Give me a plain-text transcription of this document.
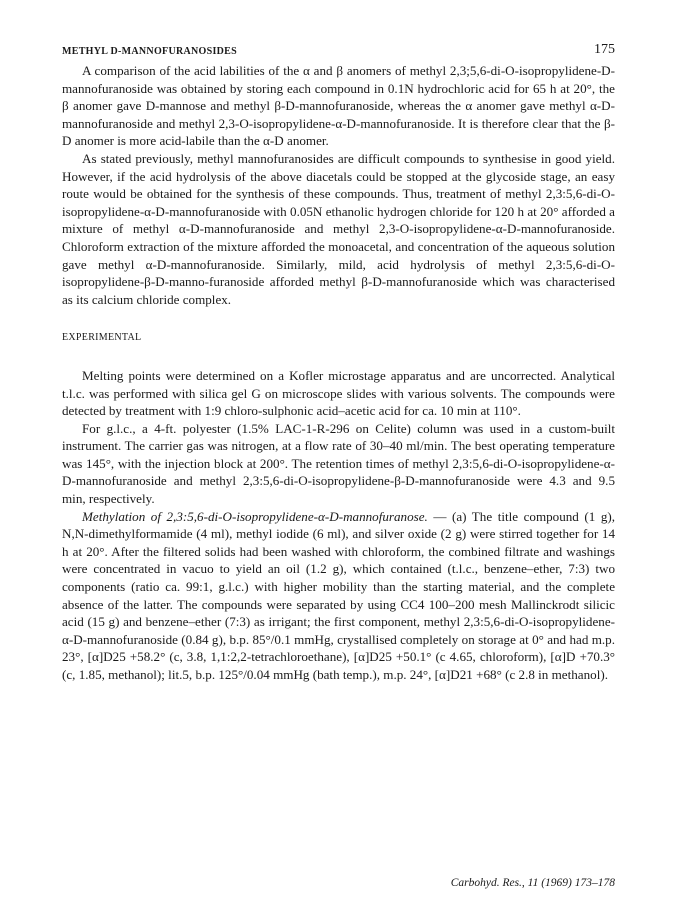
METHYL D-MANNOFURANOSIDES	175

A comparison of the acid labilities of the α and β anomers of methyl 2,3;5,6-di-O-isopropylidene-D-mannofuranoside was obtained by storing each compound in 0.1N hydrochloric acid for 65 h at 20°, the β anomer gave D-mannose and methyl β-D-mannofuranoside, whereas the α anomer gave methyl α-D-mannofuranoside and methyl 2,3-O-isopropylidene-α-D-mannofuranoside. It is therefore clear that the β-D anomer is more acid-labile than the α-D anomer.

As stated previously, methyl mannofuranosides are difficult compounds to synthesise in good yield. However, if the acid hydrolysis of the above diacetals could be stopped at the glycoside stage, an easy route would be obtained for the synthesis of these compounds. Thus, treatment of methyl 2,3:5,6-di-O-isopropylidene-α-D-mannofuranoside with 0.05N ethanolic hydrogen chloride for 120 h at 20° afforded a mixture of methyl α-D-mannofuranoside and methyl 2,3-O-isopropylidene-α-D-mannofuranoside. Chloroform extraction of the mixture afforded the monoacetal, and concentration of the aqueous solution gave methyl α-D-mannofuranoside. Similarly, mild, acid hydrolysis of methyl 2,3:5,6-di-O-isopropylidene-β-D-manno-furanoside afforded methyl β-D-mannofuranoside which was characterised as its calcium chloride complex.

EXPERIMENTAL

Melting points were determined on a Kofler microstage apparatus and are uncorrected. Analytical t.l.c. was performed with silica gel G on microscope slides with various solvents. The compounds were detected by treatment with 1:9 chloro-sulphonic acid–acetic acid for ca. 10 min at 110°.

For g.l.c., a 4-ft. polyester (1.5% LAC-1-R-296 on Celite) column was used in a custom-built instrument. The carrier gas was nitrogen, at a flow rate of 30–40 ml/min. The best operating temperature was 145°, with the injection block at 200°. The retention times of methyl 2,3:5,6-di-O-isopropylidene-α-D-mannofuranoside and methyl 2,3:5,6-di-O-isopropylidene-β-D-mannofuranoside were 4.3 and 9.5 min, respectively.

Methylation of 2,3:5,6-di-O-isopropylidene-α-D-mannofuranose. — (a) The title compound (1 g), N,N-dimethylformamide (4 ml), methyl iodide (6 ml), and silver oxide (2 g) were stirred together for 14 h at 20°. After the filtered solids had been washed with chloroform, the combined filtrate and washings were concentrated in vacuo to yield an oil (1.2 g), which contained (t.l.c., benzene–ether, 7:3) two components (ratio ca. 99:1, g.l.c.) with higher mobility than the starting material, and the complete absence of the latter. The compounds were separated by using CC4 100–200 mesh Mallinckrodt silicic acid (15 g) and benzene–ether (7:3) as irrigant; the first component, methyl 2,3:5,6-di-O-isopropylidene-α-D-mannofuranoside (0.84 g), b.p. 85°/0.1 mmHg, crystallised completely on storage at 0° and had m.p. 23°, [α]D25 +58.2° (c, 3.8, 1,1:2,2-tetrachloroethane), [α]D25 +50.1° (c 4.65, chloroform), [α]D +70.3° (c, 1.85, methanol); lit.5, b.p. 125°/0.04 mmHg (bath temp.), m.p. 24°, [α]D21 +68° (c 2.8 in methanol).

Carbohyd. Res., 11 (1969) 173–178
